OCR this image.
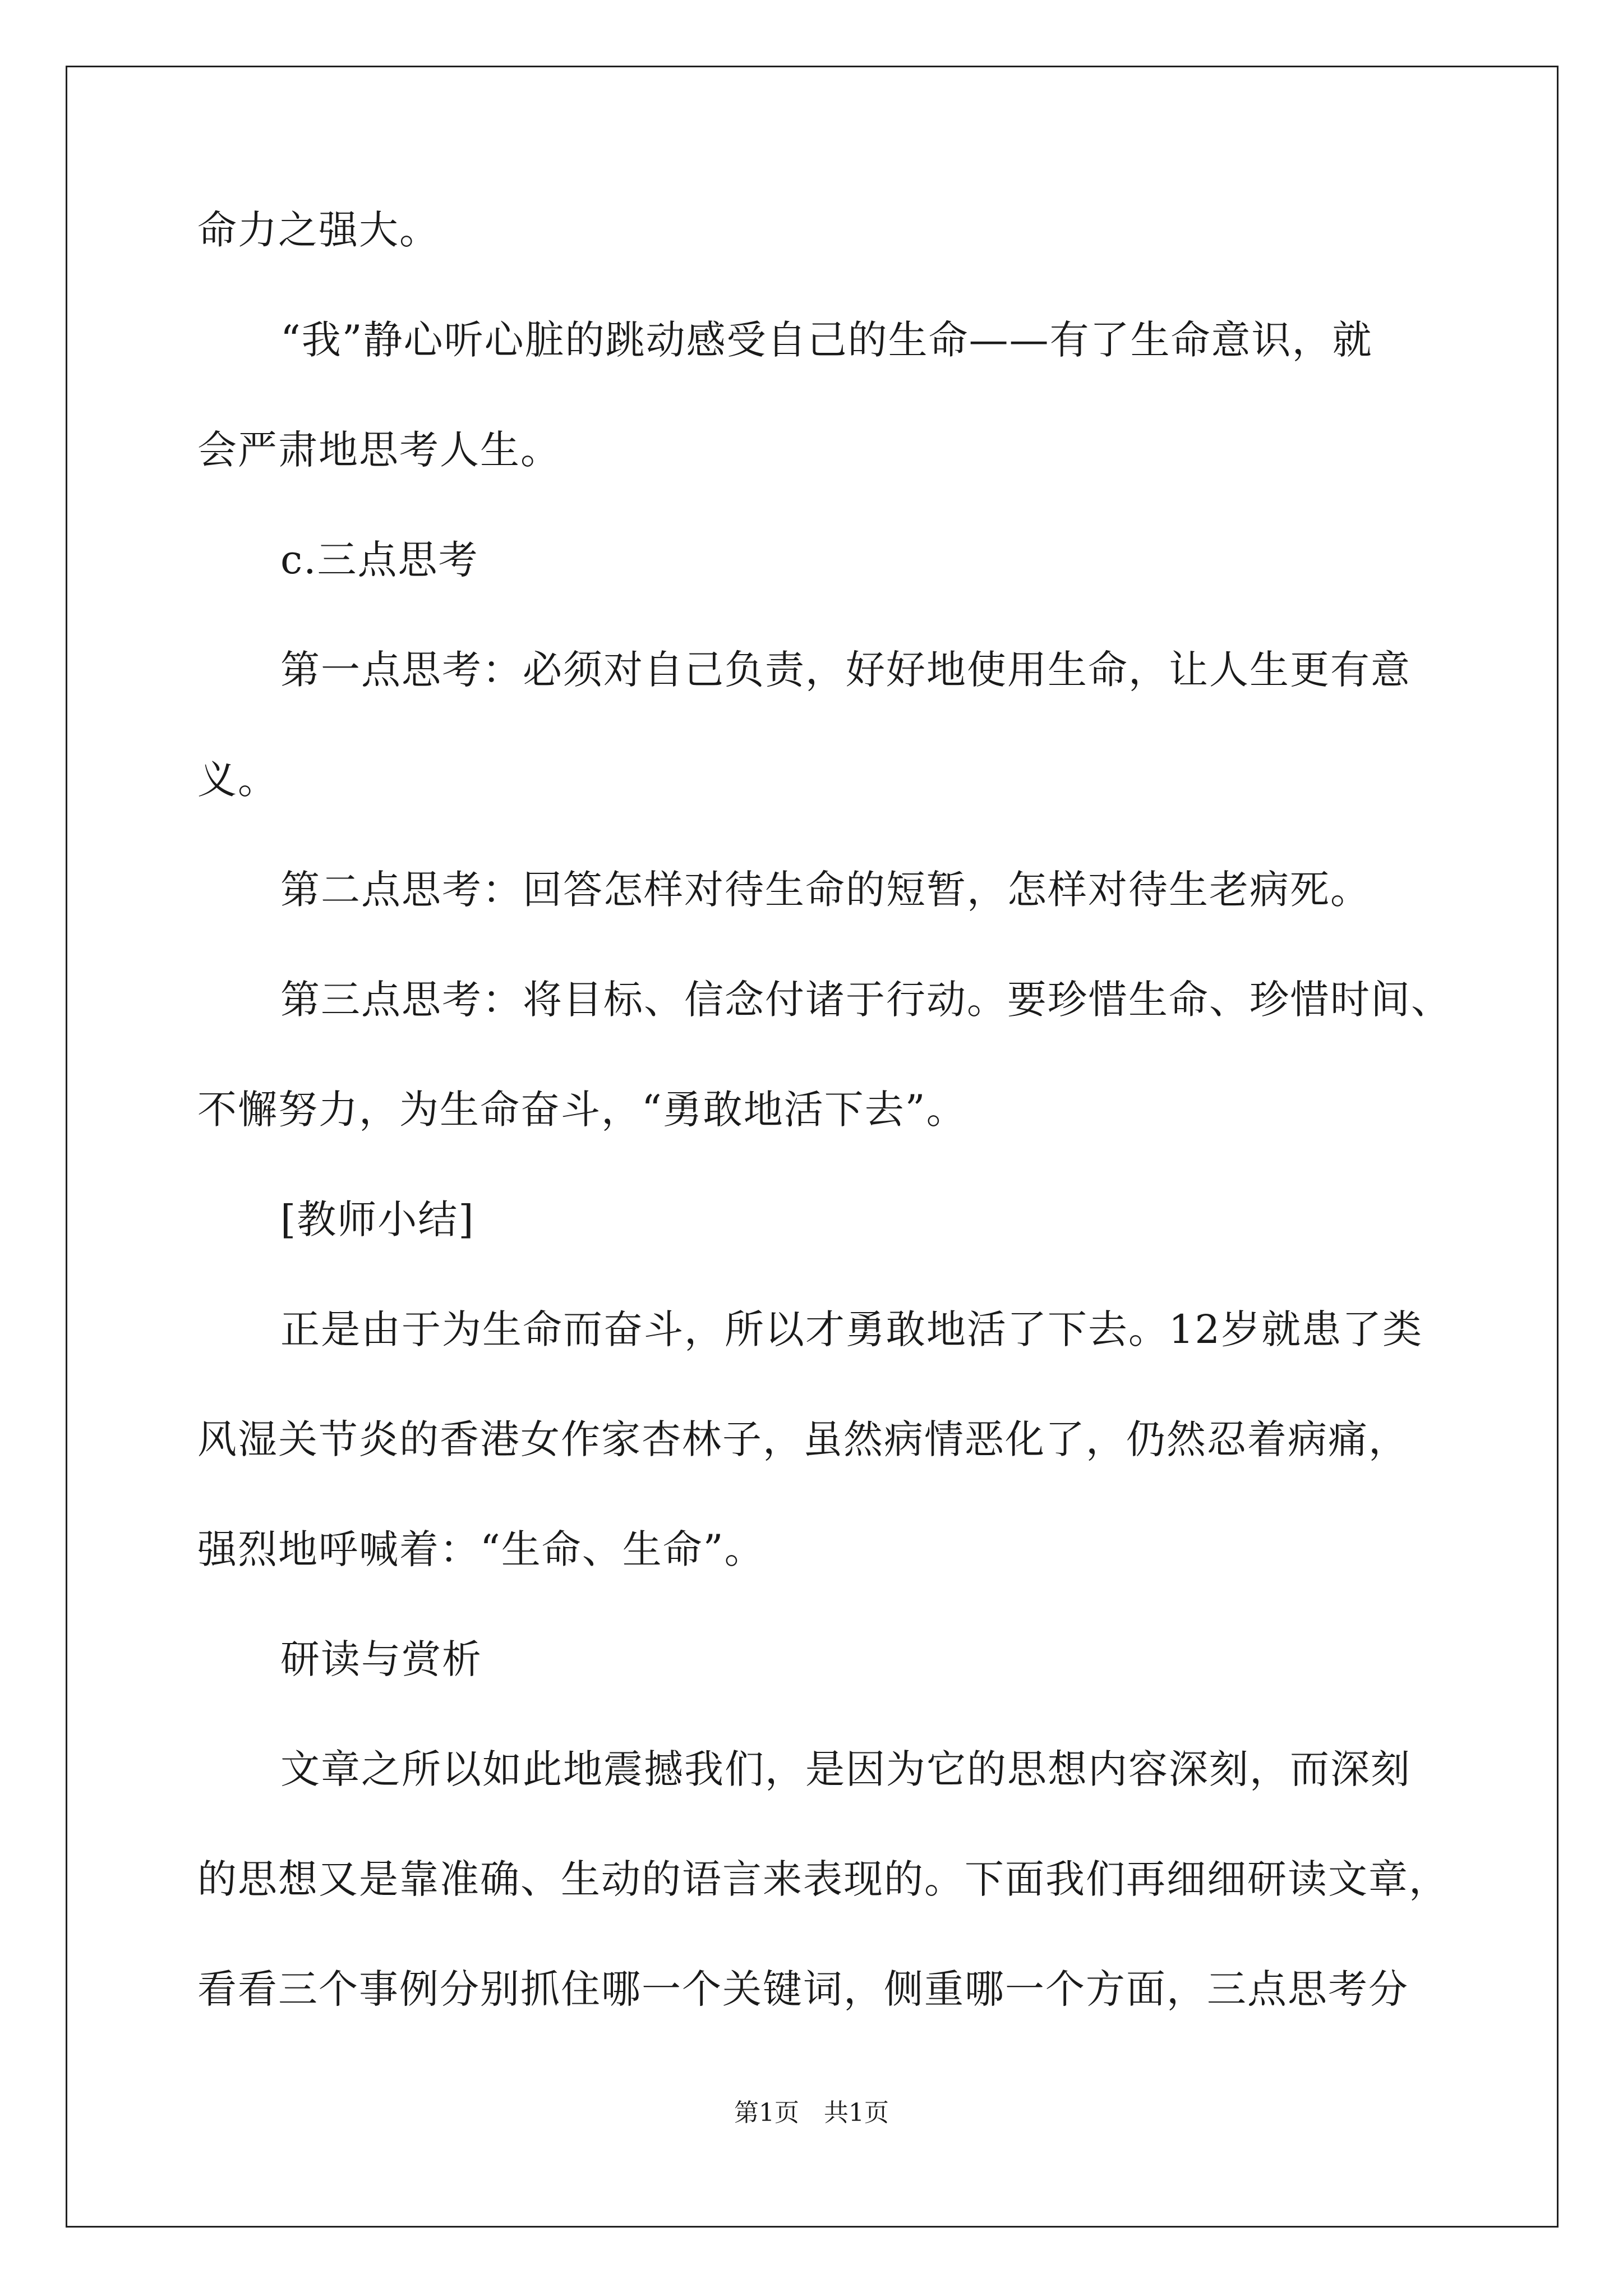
命力之强大。
“我”静心听心脏的跳动感受自己的生命——有了生命意识，就
会严肃地思考人生。
c.三点思考
第一点思考：必须对自己负责，好好地使用生命，让人生更有意
义。
第二点思考：回答怎样对待生命的短暂，怎样对待生老病死。
第三点思考：将目标、信念付诸于行动。要珍惜生命、珍惜时间、
不懈努力，为生命奋斗，“勇敢地活下去”。
[教师小结]
正是由于为生命而奋斗，所以才勇敢地活了下去。12岁就患了类
风湿关节炎的香港女作家杏林子，虽然病情恶化了，仍然忍着病痛，
强烈地呼喊着：“生命、生命”。
研读与赏析
文章之所以如此地震撼我们，是因为它的思想内容深刻，而深刻
的思想又是靠准确、生动的语言来表现的。下面我们再细细研读文章，
看看三个事例分别抓住哪一个关键词，侧重哪一个方面，三点思考分
第1页　共1页
